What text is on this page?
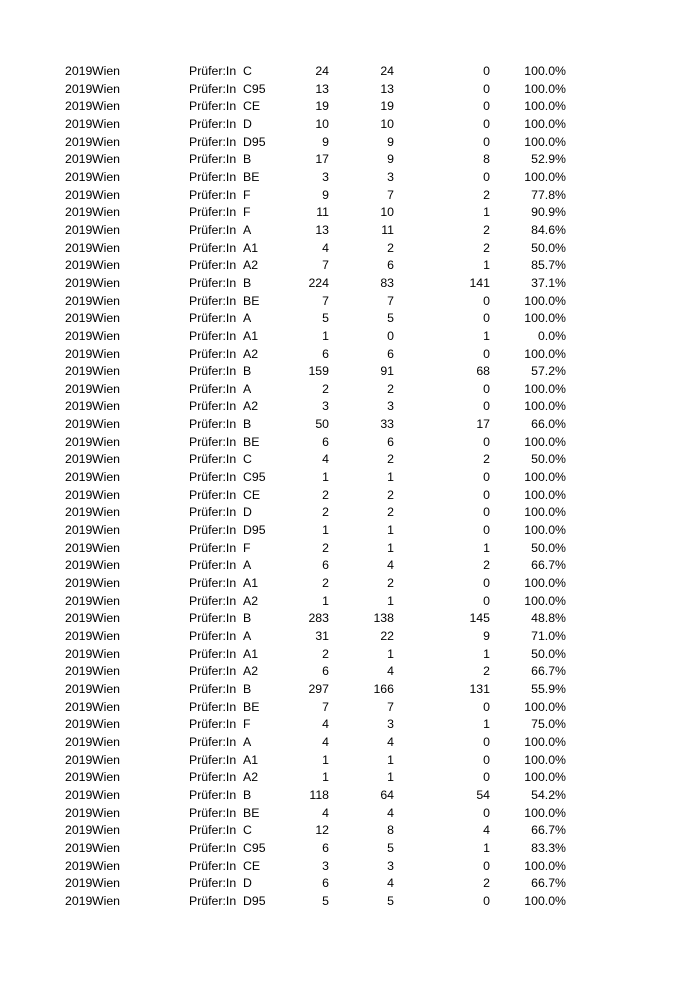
2019 Wien	Prüfer:In C	24	24	0	100.0%
2019 Wien	Prüfer:In C95	13	13	0	100.0%
2019 Wien	Prüfer:In CE	19	19	0	100.0%
2019 Wien	Prüfer:In D	10	10	0	100.0%
2019 Wien	Prüfer:In D95	9	9	0	100.0%
2019 Wien	Prüfer:In B	17	9	8	52.9%
2019 Wien	Prüfer:In BE	3	3	0	100.0%
2019 Wien	Prüfer:In F	9	7	2	77.8%
2019 Wien	Prüfer:In F	11	10	1	90.9%
2019 Wien	Prüfer:In A	13	11	2	84.6%
2019 Wien	Prüfer:In A1	4	2	2	50.0%
2019 Wien	Prüfer:In A2	7	6	1	85.7%
2019 Wien	Prüfer:In B	224	83	141	37.1%
2019 Wien	Prüfer:In BE	7	7	0	100.0%
2019 Wien	Prüfer:In A	5	5	0	100.0%
2019 Wien	Prüfer:In A1	1	0	1	0.0%
2019 Wien	Prüfer:In A2	6	6	0	100.0%
2019 Wien	Prüfer:In B	159	91	68	57.2%
2019 Wien	Prüfer:In A	2	2	0	100.0%
2019 Wien	Prüfer:In A2	3	3	0	100.0%
2019 Wien	Prüfer:In B	50	33	17	66.0%
2019 Wien	Prüfer:In BE	6	6	0	100.0%
2019 Wien	Prüfer:In C	4	2	2	50.0%
2019 Wien	Prüfer:In C95	1	1	0	100.0%
2019 Wien	Prüfer:In CE	2	2	0	100.0%
2019 Wien	Prüfer:In D	2	2	0	100.0%
2019 Wien	Prüfer:In D95	1	1	0	100.0%
2019 Wien	Prüfer:In F	2	1	1	50.0%
2019 Wien	Prüfer:In A	6	4	2	66.7%
2019 Wien	Prüfer:In A1	2	2	0	100.0%
2019 Wien	Prüfer:In A2	1	1	0	100.0%
2019 Wien	Prüfer:In B	283	138	145	48.8%
2019 Wien	Prüfer:In A	31	22	9	71.0%
2019 Wien	Prüfer:In A1	2	1	1	50.0%
2019 Wien	Prüfer:In A2	6	4	2	66.7%
2019 Wien	Prüfer:In B	297	166	131	55.9%
2019 Wien	Prüfer:In BE	7	7	0	100.0%
2019 Wien	Prüfer:In F	4	3	1	75.0%
2019 Wien	Prüfer:In A	4	4	0	100.0%
2019 Wien	Prüfer:In A1	1	1	0	100.0%
2019 Wien	Prüfer:In A2	1	1	0	100.0%
2019 Wien	Prüfer:In B	118	64	54	54.2%
2019 Wien	Prüfer:In BE	4	4	0	100.0%
2019 Wien	Prüfer:In C	12	8	4	66.7%
2019 Wien	Prüfer:In C95	6	5	1	83.3%
2019 Wien	Prüfer:In CE	3	3	0	100.0%
2019 Wien	Prüfer:In D	6	4	2	66.7%
2019 Wien	Prüfer:In D95	5	5	0	100.0%
